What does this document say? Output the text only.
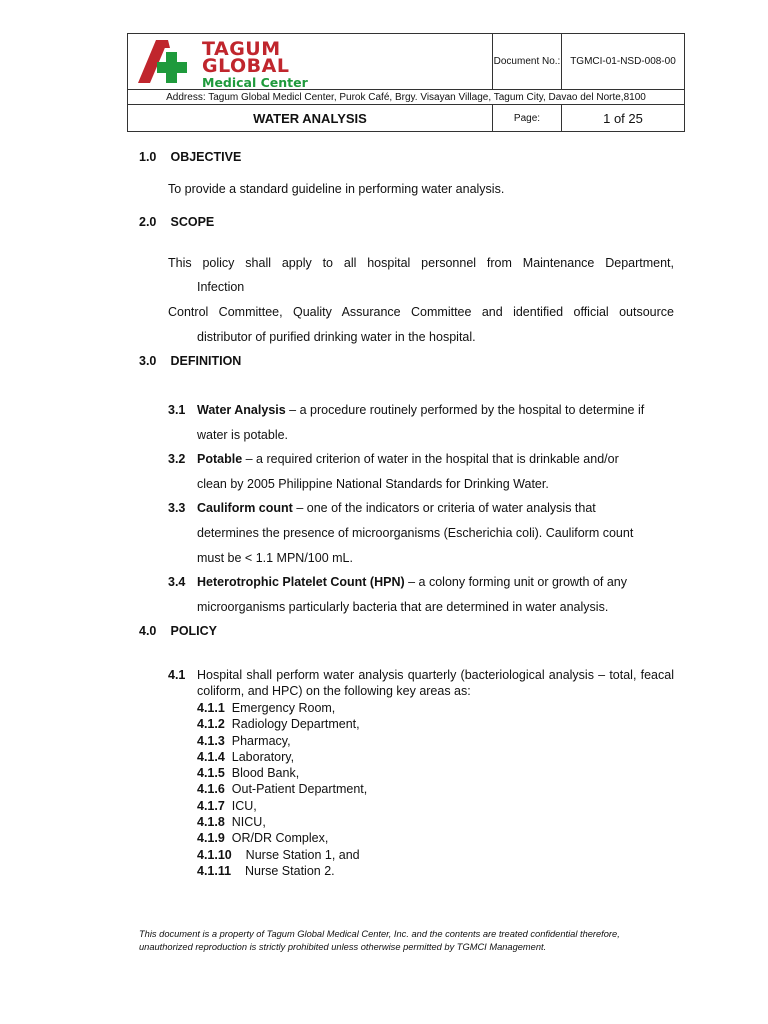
TAGUM
GLOBAL
Medical Center	Document No.:	TGMCI-01-NSD-008-00
Address: Tagum Global Medicl Center, Purok Café, Brgy. Visayan Village, Tagum City, Davao del Norte,8100		
WATER ANALYSIS	Page:	1 of 25
1.0 OBJECTIVE
To provide a standard guideline in performing water analysis.
2.0 SCOPE
This policy shall apply to all hospital personnel from Maintenance Department,
Infection
Control Committee, Quality Assurance Committee and identified official outsource
distributor of purified drinking water in the hospital.
3.0 DEFINITION
3.1 Water Analysis – a procedure routinely performed by the hospital to determine if
water is potable.
3.2 Potable – a required criterion of water in the hospital that is drinkable and/or
clean by 2005 Philippine National Standards for Drinking Water.
3.3 Cauliform count – one of the indicators or criteria of water analysis that
determines the presence of microorganisms (Escherichia coli). Cauliform count
must be < 1.1 MPN/100 mL.
3.4 Heterotrophic Platelet Count (HPN) – a colony forming unit or growth of any
microorganisms particularly bacteria that are determined in water analysis.
4.0 POLICY
4.1 Hospital shall perform water analysis quarterly (bacteriological analysis – total, feacal coliform, and HPC) on the following key areas as:
4.1.1 Emergency Room,
4.1.2 Radiology Department,
4.1.3 Pharmacy,
4.1.4 Laboratory,
4.1.5 Blood Bank,
4.1.6 Out-Patient Department,
4.1.7 ICU,
4.1.8 NICU,
4.1.9 OR/DR Complex,
4.1.10 Nurse Station 1, and
4.1.11 Nurse Station 2.
This document is a property of Tagum Global Medical Center, Inc. and the contents are treated confidential therefore,
unauthorized reproduction is strictly prohibited unless otherwise permitted by TGMCI Management.
